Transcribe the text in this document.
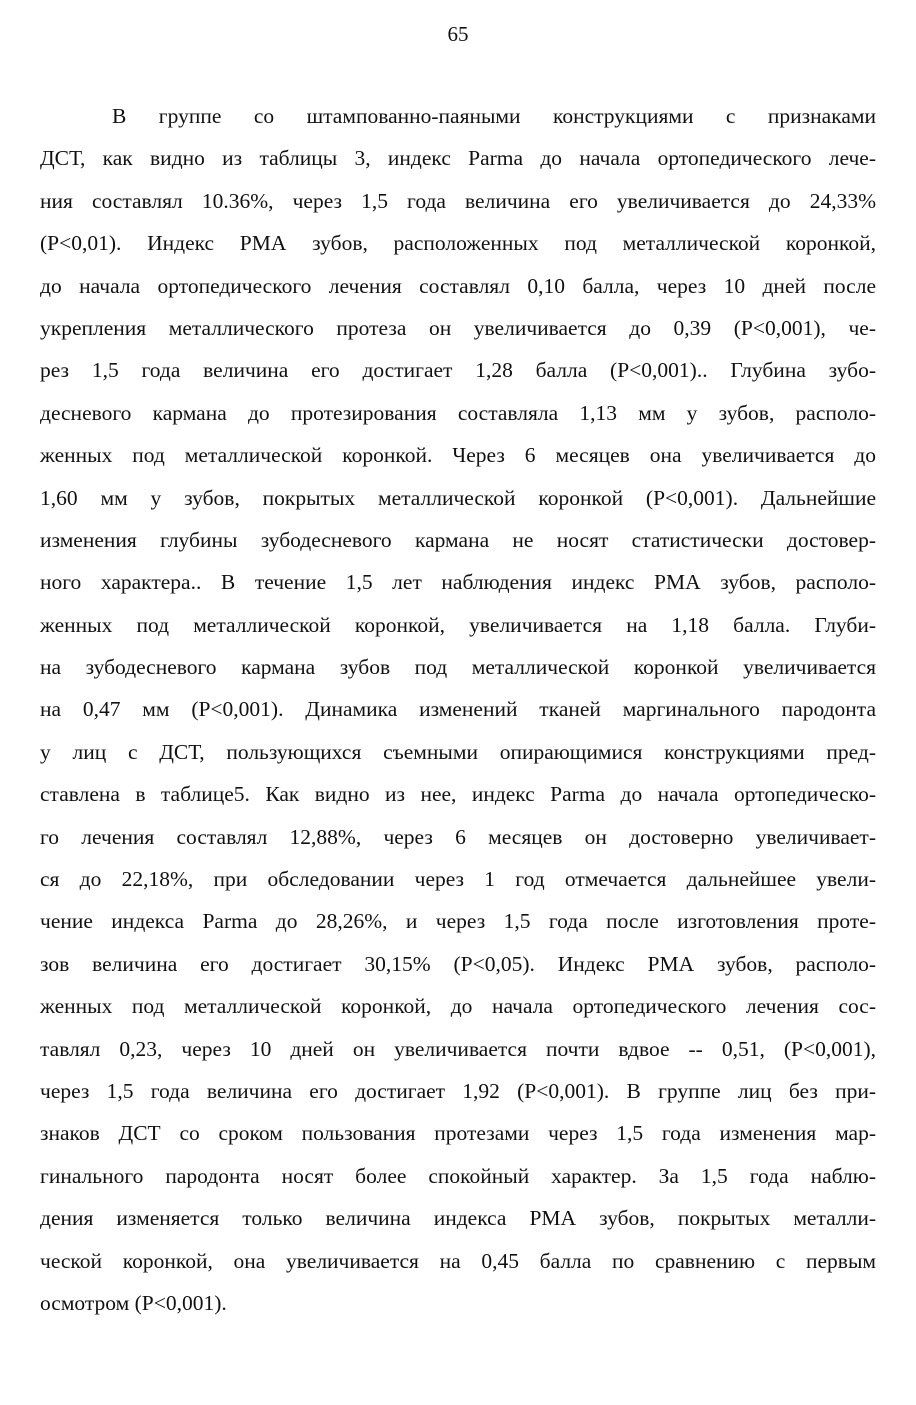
65
В группе со штампованно-паяными конструкциями с признаками
ДСТ, как видно из таблицы 3, индекс Parma до начала ортопедического лече-
ния составлял 10.36%, через 1,5 года величина его увеличивается до 24,33%
(Р<0,01). Индекс РМА зубов, расположенных под металлической коронкой,
до начала ортопедического лечения составлял 0,10 балла, через 10 дней после
укрепления металлического протеза он увеличивается до 0,39 (Р<0,001), че-
рез 1,5 года величина его достигает 1,28 балла (Р<0,001).. Глубина зубо-
десневого кармана до протезирования составляла 1,13 мм у зубов, располо-
женных под металлической коронкой. Через 6 месяцев она увеличивается до
1,60 мм у зубов, покрытых металлической коронкой (Р<0,001). Дальнейшие
изменения глубины зубодесневого кармана не носят статистически достовер-
ного характера.. В течение 1,5 лет наблюдения индекс РМА зубов, располо-
женных под металлической коронкой, увеличивается на 1,18 балла. Глуби-
на зубодесневого кармана зубов под металлической коронкой увеличивается
на 0,47 мм (Р<0,001). Динамика изменений тканей маргинального пародонта
у лиц с ДСТ, пользующихся съемными опирающимися конструкциями пред-
ставлена в таблице5. Как видно из нее, индекс Parma до начала ортопедическо-
го лечения составлял 12,88%, через 6 месяцев он достоверно увеличивает-
ся до 22,18%, при обследовании через 1 год отмечается дальнейшее увели-
чение индекса Parma до 28,26%, и через 1,5 года после изготовления проте-
зов величина его достигает 30,15% (Р<0,05). Индекс РМА зубов, располо-
женных под металлической коронкой, до начала ортопедического лечения сос-
тавлял 0,23, через 10 дней он увеличивается почти вдвое -- 0,51, (Р<0,001),
через 1,5 года величина его достигает 1,92 (Р<0,001). В группе лиц без при-
знаков ДСТ со сроком пользования протезами через 1,5 года изменения мар-
гинального пародонта носят более спокойный характер. За 1,5 года наблю-
дения изменяется только величина индекса РМА зубов, покрытых металли-
ческой коронкой, она увеличивается на 0,45 балла по сравнению с первым
осмотром (Р<0,001).
